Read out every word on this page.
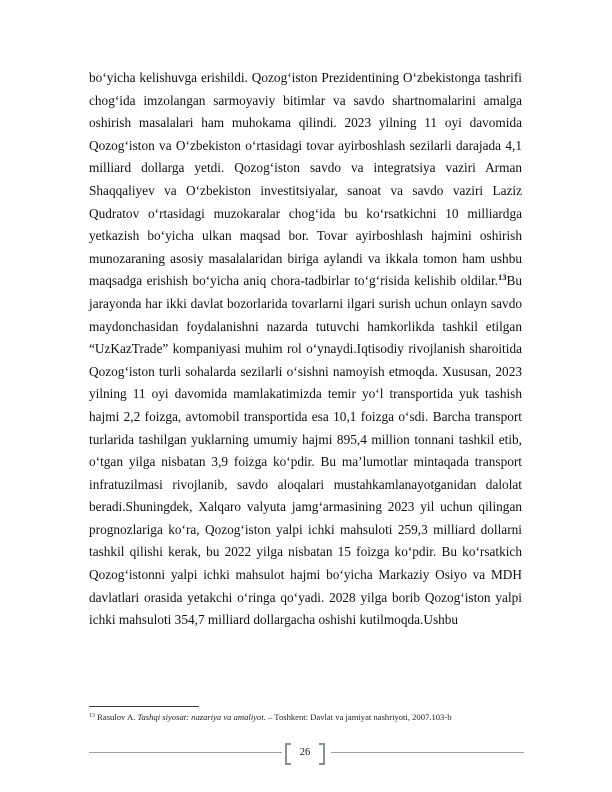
bo‘yicha kelishuvga erishildi. Qozog‘iston Prezidentining O‘zbekistonga tashrifi chog‘ida imzolangan sarmoyaviy bitimlar va savdo shartnomalarini amalga oshirish masalalari ham muhokama qilindi. 2023 yilning 11 oyi davomida Qozog‘iston va O‘zbekiston o‘rtasidagi tovar ayirboshlash sezilarli darajada 4,1 milliard dollarga yetdi. Qozog‘iston savdo va integratsiya vaziri Arman Shaqqaliyev va O‘zbekiston investitsiyalar, sanoat va savdo vaziri Laziz Qudratov o‘rtasidagi muzokaralar chog‘ida bu ko‘rsatkichni 10 milliardga yetkazish bo‘yicha ulkan maqsad bor. Tovar ayirboshlash hajmini oshirish munozaraning asosiy masalalaridan biriga aylandi va ikkala tomon ham ushbu maqsadga erishish bo‘yicha aniq chora-tadbirlar to‘g‘risida kelishib oldilar.$^{13}$Bu jarayonda har ikki davlat bozorlarida tovarlarni ilgari surish uchun onlayn savdo maydonchasidan foydalanishni nazarda tutuvchi hamkorlikda tashkil etilgan “UzKazTrade” kompaniyasi muhim rol o‘ynaydi.Iqtisodiy rivojlanish sharoitida Qozog‘iston turli sohalarda sezilarli o‘sishni namoyish etmoqda. Xususan, 2023 yilning 11 oyi davomida mamlakatimizda temir yo‘l transportida yuk tashish hajmi 2,2 foizga, avtomobil transportida esa 10,1 foizga o‘sdi. Barcha transport turlarida tashilgan yuklarning umumiy hajmi 895,4 million tonnani tashkil etib, o‘tgan yilga nisbatan 3,9 foizga ko‘pdir. Bu ma’lumotlar mintaqada transport infratuzilmasi rivojlanib, savdo aloqalari mustahkamlanayotganidan dalolat beradi.Shuningdek, Xalqaro valyuta jamg‘armasining 2023 yil uchun qilingan prognozlariga ko‘ra, Qozog‘iston yalpi ichki mahsuloti 259,3 milliard dollarni tashkil qilishi kerak, bu 2022 yilga nisbatan 15 foizga ko‘pdir. Bu ko‘rsatkich Qozog‘istonni yalpi ichki mahsulot hajmi bo‘yicha Markaziy Osiyo va MDH davlatlari orasida yetakchi o‘ringa qo‘yadi. 2028 yilga borib Qozog‘iston yalpi ichki mahsuloti 354,7 milliard dollargacha oshishi kutilmoqda.Ushbu

$^{13}$ Rasulov A. Tashqi siyosat: nazariya va amaliyot. – Toshkent: Davlat va jamiyat nashriyoti, 2007.103-b

26
